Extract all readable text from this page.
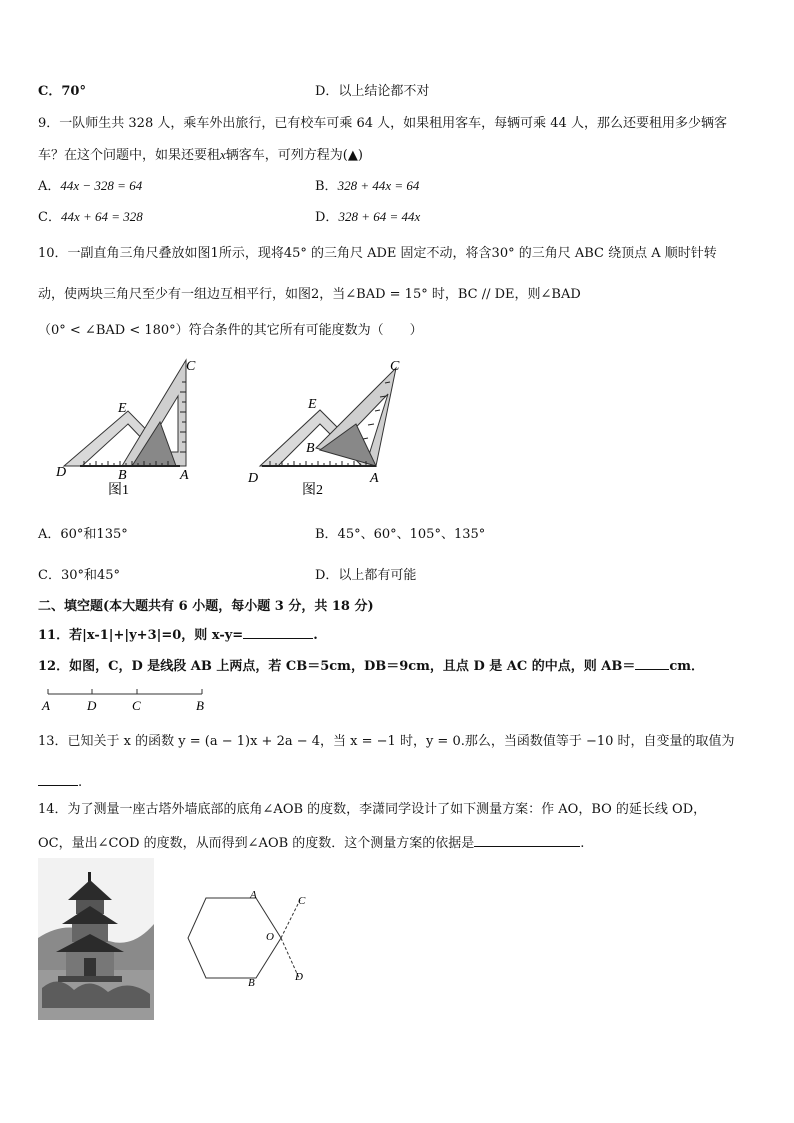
C．70°	D．以上结论都不对
9．一队师生共 328 人，乘车外出旅行，已有校车可乘 64 人，如果租用客车，每辆可乘 44 人，那么还要租用多少辆客
车？在这个问题中，如果还要租x辆客车，可列方程为(▲)
A．44x − 328 = 64	B．328 + 44x = 64
C．44x + 64 = 328	D．328 + 64 = 44x
10．一副直角三角尺叠放如图1所示，现将45° 的三角尺 ADE 固定不动，将含30° 的三角尺 ABC 绕顶点 A 顺时针转
动，使两块三角尺至少有一组边互相平行，如图2，当∠BAD = 15° 时，BC // DE，则∠BAD
（0° < ∠BAD < 180°）符合条件的其它所有可能度数为（　　）
C
E
D	B	A
图1
C
E
D
B
A
图2
A．60°和135°	B．45°、60°、105°、135°
C．30°和45°	D．以上都有可能
二、填空题(本大题共有 6 小题，每小题 3 分，共 18 分)
11．若|x-1|+|y+3|=0，则 x-y=	.
12．如图，C，D 是线段 AB 上两点，若 CB＝5cm，DB＝9cm，且点 D 是 AC 的中点，则 AB＝	cm．
A	D	C	B
13．已知关于 x 的函数 y = (a − 1)x + 2a − 4，当 x = −1 时，y = 0.那么，当函数值等于 −10 时，自变量的取值为
.
14．为了测量一座古塔外墙底部的底角∠AOB 的度数，李潇同学设计了如下测量方案：作 AO，BO 的延长线 OD，
OC，量出∠COD 的度数，从而得到∠AOB 的度数．这个测量方案的依据是	.
A
O
B
C
D
